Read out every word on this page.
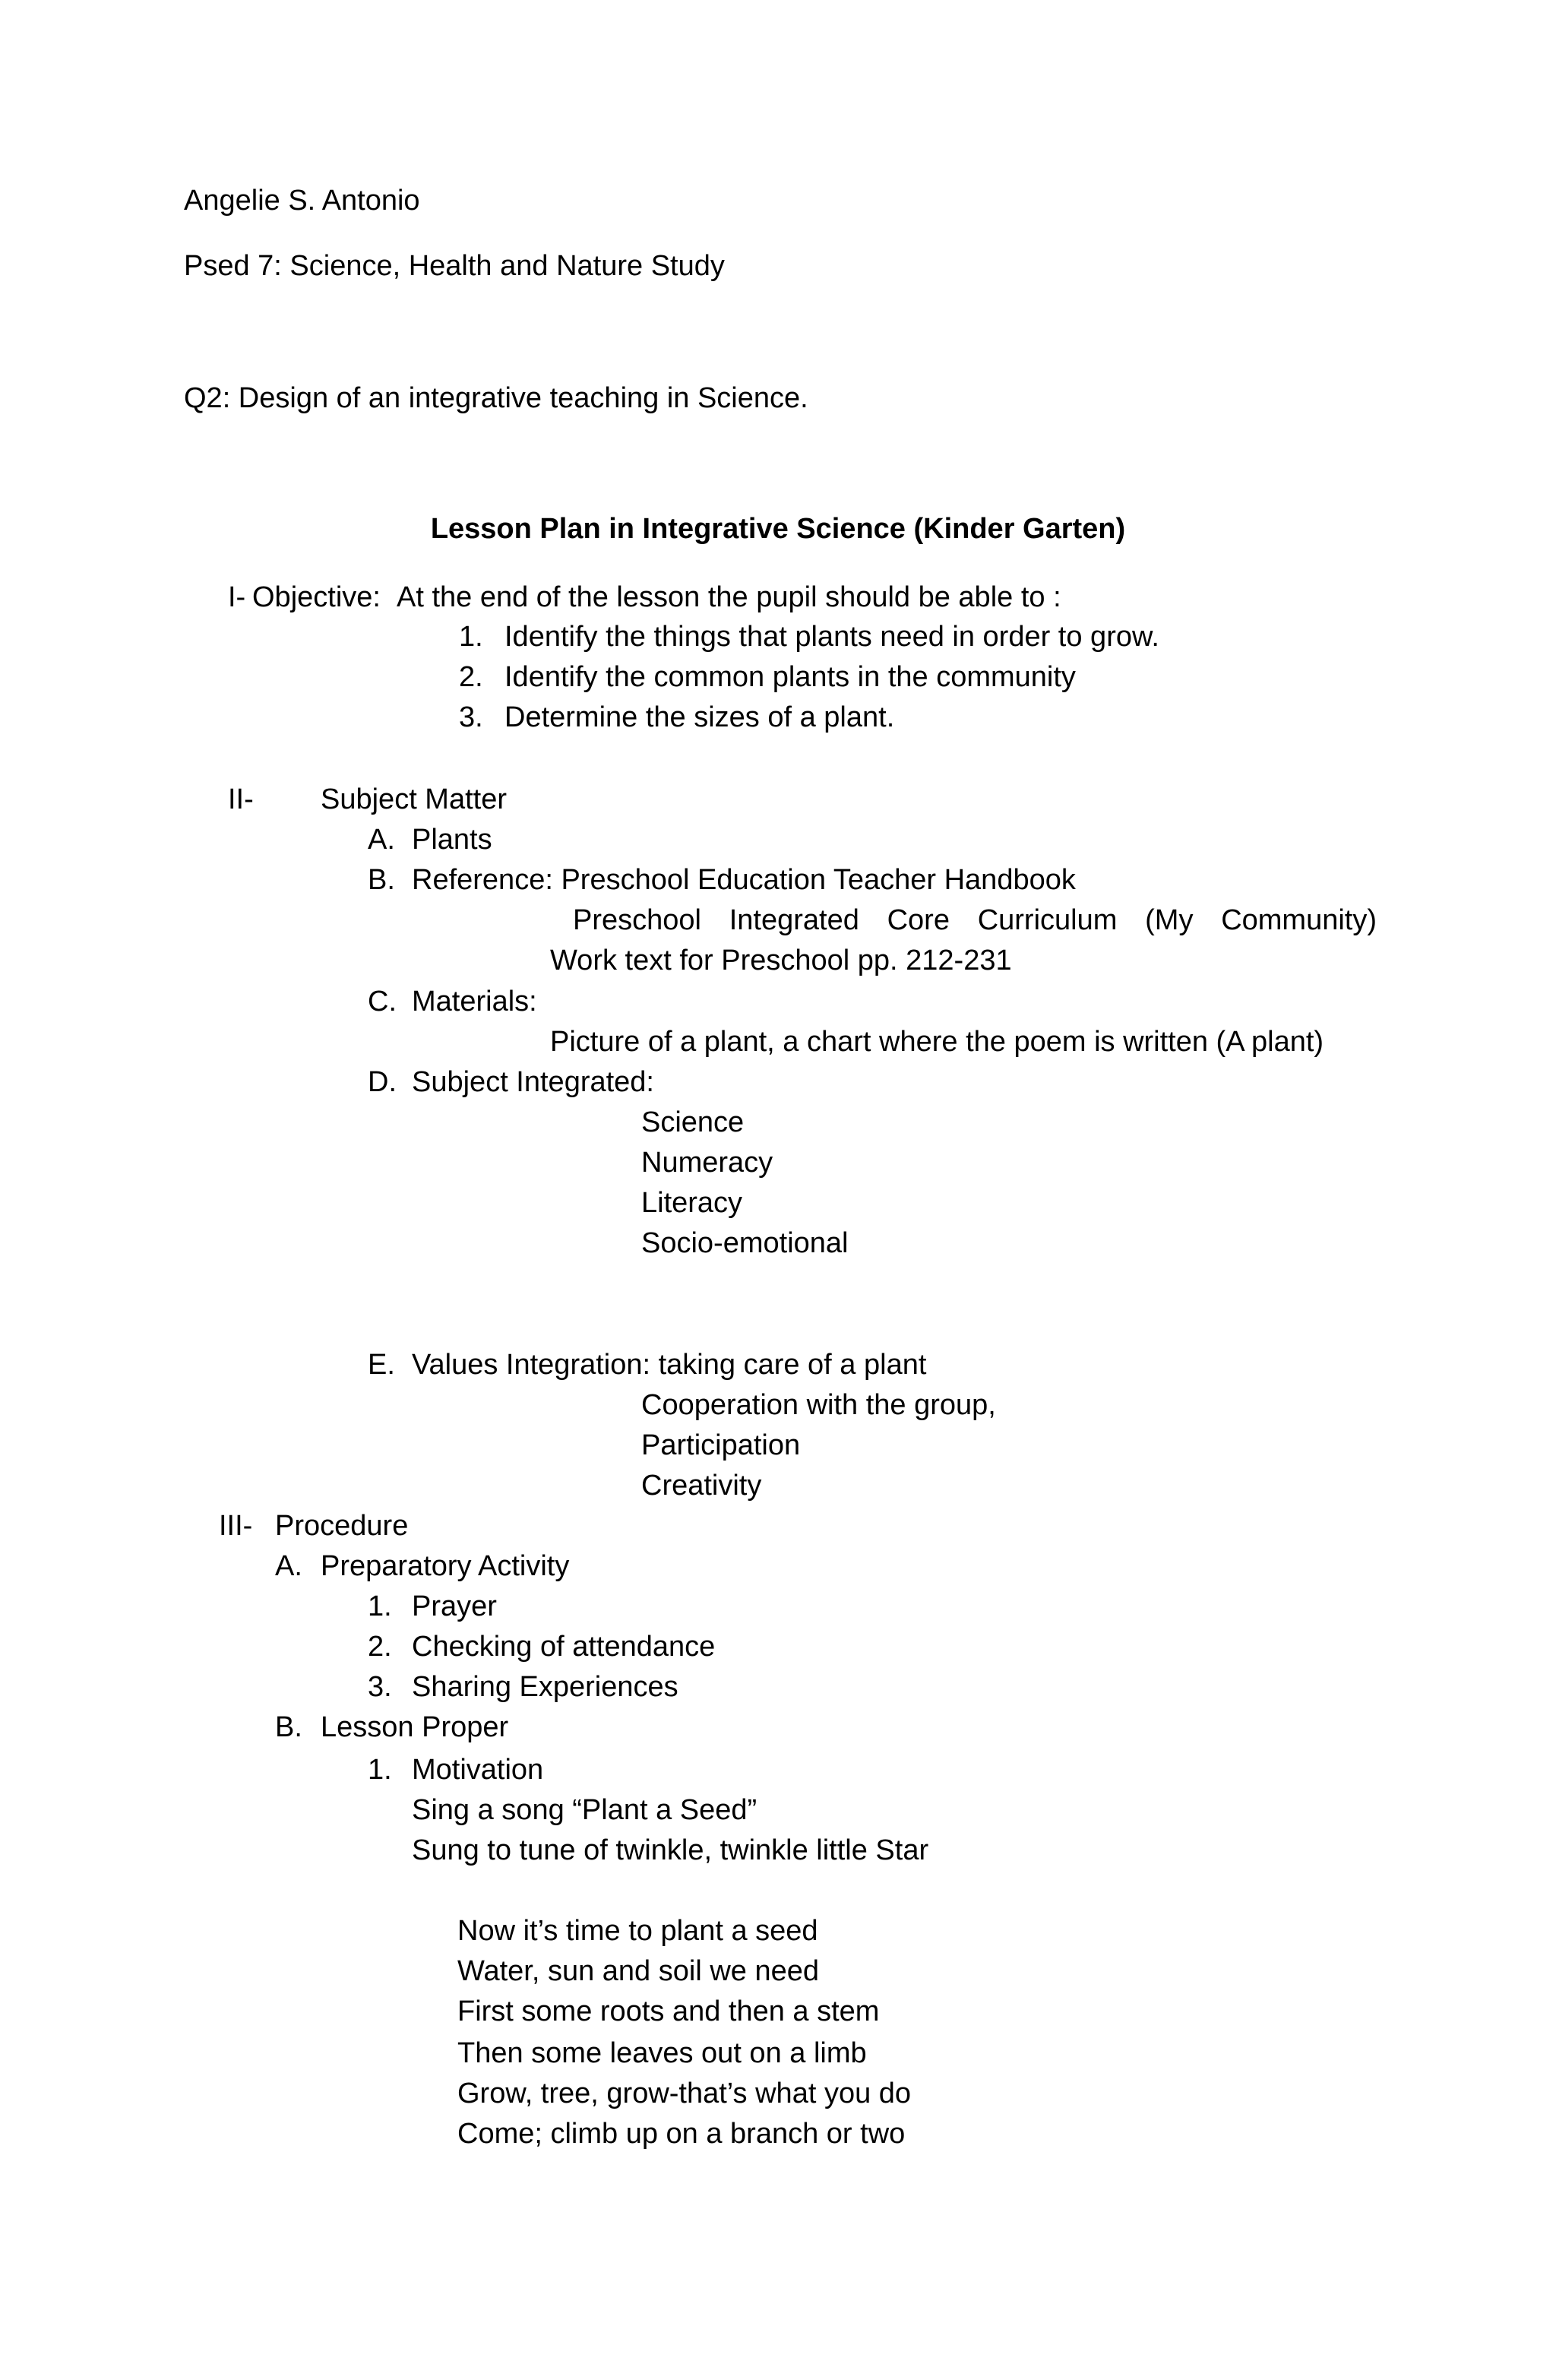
Angelie S. Antonio
Psed 7: Science, Health and Nature Study
Q2: Design of an integrative teaching in Science.
Lesson Plan in Integrative Science (Kinder Garten)
I- Objective: At the end of the lesson the pupil should be able to :
1. Identify the things that plants need in order to grow.
2. Identify the common plants in the community
3. Determine the sizes of a plant.
II- Subject Matter
A. Plants
B. Reference: Preschool Education Teacher Handbook
Preschool Integrated Core Curriculum (My Community)
Work text for Preschool pp. 212-231
C. Materials:
Picture of a plant, a chart where the poem is written (A plant)
D. Subject Integrated:
Science
Numeracy
Literacy
Socio-emotional
E. Values Integration: taking care of a plant
Cooperation with the group,
Participation
Creativity
III- Procedure
A. Preparatory Activity
1. Prayer
2. Checking of attendance
3. Sharing Experiences
B. Lesson Proper
1. Motivation
Sing a song “Plant a Seed”
Sung to tune of twinkle, twinkle little Star
Now it’s time to plant a seed
Water, sun and soil we need
First some roots and then a stem
Then some leaves out on a limb
Grow, tree, grow-that’s what you do
Come; climb up on a branch or two
